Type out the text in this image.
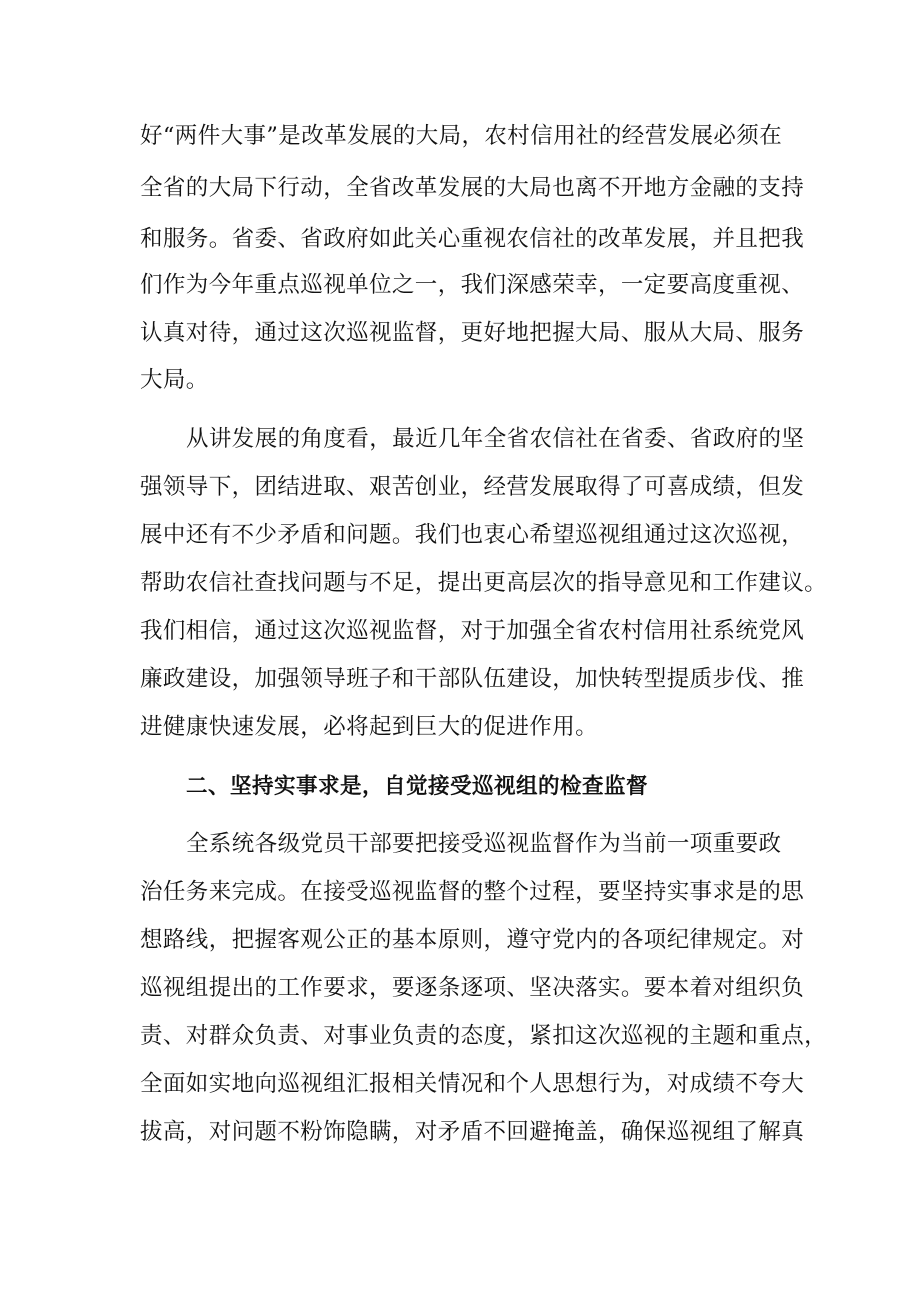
好“两件大事”是改革发展的大局，农村信用社的经营发展必须在
全省的大局下行动，全省改革发展的大局也离不开地方金融的支持
和服务。省委、省政府如此关心重视农信社的改革发展，并且把我
们作为今年重点巡视单位之一，我们深感荣幸，一定要高度重视、
认真对待，通过这次巡视监督，更好地把握大局、服从大局、服务
大局。
从讲发展的角度看，最近几年全省农信社在省委、省政府的坚
强领导下，团结进取、艰苦创业，经营发展取得了可喜成绩，但发
展中还有不少矛盾和问题。我们也衷心希望巡视组通过这次巡视，
帮助农信社查找问题与不足，提出更高层次的指导意见和工作建议。
我们相信，通过这次巡视监督，对于加强全省农村信用社系统党风
廉政建设，加强领导班子和干部队伍建设，加快转型提质步伐、推
进健康快速发展，必将起到巨大的促进作用。
二、坚持实事求是，自觉接受巡视组的检查监督
全系统各级党员干部要把接受巡视监督作为当前一项重要政
治任务来完成。在接受巡视监督的整个过程，要坚持实事求是的思
想路线，把握客观公正的基本原则，遵守党内的各项纪律规定。对
巡视组提出的工作要求，要逐条逐项、坚决落实。要本着对组织负
责、对群众负责、对事业负责的态度，紧扣这次巡视的主题和重点，
全面如实地向巡视组汇报相关情况和个人思想行为，对成绩不夸大
拔高，对问题不粉饰隐瞒，对矛盾不回避掩盖，确保巡视组了解真
